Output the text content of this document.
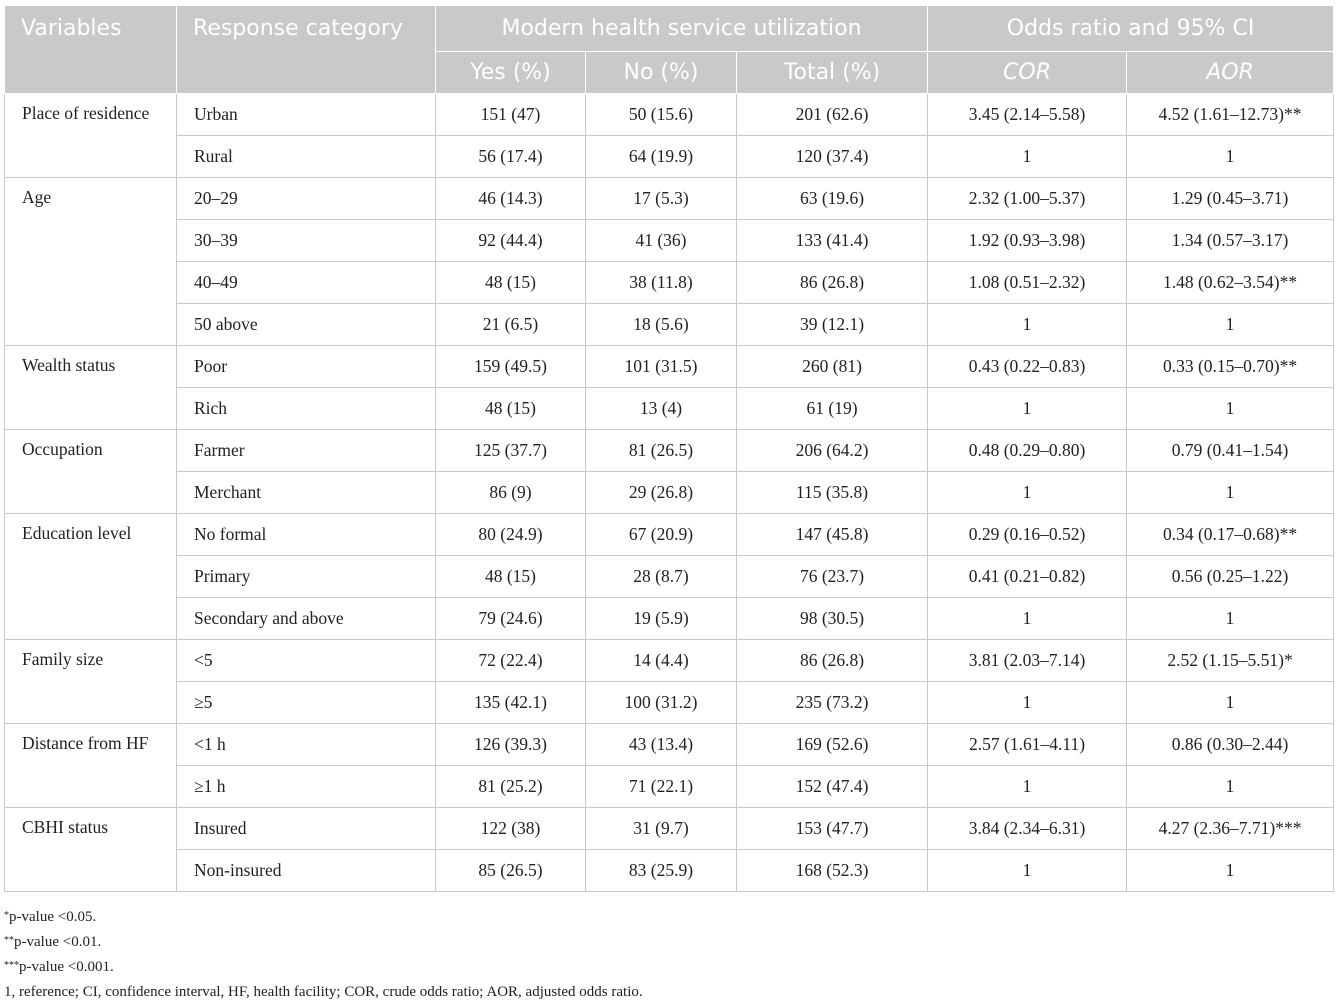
Variables	Response category	Modern health service utilization			Odds ratio and 95% CI	
		Yes (%)	No (%)	Total (%)	COR	AOR
Place of residence	Urban	151 (47)	50 (15.6)	201 (62.6)	3.45 (2.14–5.58)	4.52 (1.61–12.73)**
	Rural	56 (17.4)	64 (19.9)	120 (37.4)	1	1
Age	20–29	46 (14.3)	17 (5.3)	63 (19.6)	2.32 (1.00–5.37)	1.29 (0.45–3.71)
	30–39	92 (44.4)	41 (36)	133 (41.4)	1.92 (0.93–3.98)	1.34 (0.57–3.17)
	40–49	48 (15)	38 (11.8)	86 (26.8)	1.08 (0.51–2.32)	1.48 (0.62–3.54)**
	50 above	21 (6.5)	18 (5.6)	39 (12.1)	1	1
Wealth status	Poor	159 (49.5)	101 (31.5)	260 (81)	0.43 (0.22–0.83)	0.33 (0.15–0.70)**
	Rich	48 (15)	13 (4)	61 (19)	1	1
Occupation	Farmer	125 (37.7)	81 (26.5)	206 (64.2)	0.48 (0.29–0.80)	0.79 (0.41–1.54)
	Merchant	86 (9)	29 (26.8)	115 (35.8)	1	1
Education level	No formal	80 (24.9)	67 (20.9)	147 (45.8)	0.29 (0.16–0.52)	0.34 (0.17–0.68)**
	Primary	48 (15)	28 (8.7)	76 (23.7)	0.41 (0.21–0.82)	0.56 (0.25–1.22)
	Secondary and above	79 (24.6)	19 (5.9)	98 (30.5)	1	1
Family size	<5	72 (22.4)	14 (4.4)	86 (26.8)	3.81 (2.03–7.14)	2.52 (1.15–5.51)*
	≥5	135 (42.1)	100 (31.2)	235 (73.2)	1	1
Distance from HF	<1 h	126 (39.3)	43 (13.4)	169 (52.6)	2.57 (1.61–4.11)	0.86 (0.30–2.44)
	≥1 h	81 (25.2)	71 (22.1)	152 (47.4)	1	1
CBHI status	Insured	122 (38)	31 (9.7)	153 (47.7)	3.84 (2.34–6.31)	4.27 (2.36–7.71)***
	Non-insured	85 (26.5)	83 (25.9)	168 (52.3)	1	1
*p-value <0.05.
**p-value <0.01.
***p-value <0.001.
1, reference; CI, confidence interval, HF, health facility; COR, crude odds ratio; AOR, adjusted odds ratio.
